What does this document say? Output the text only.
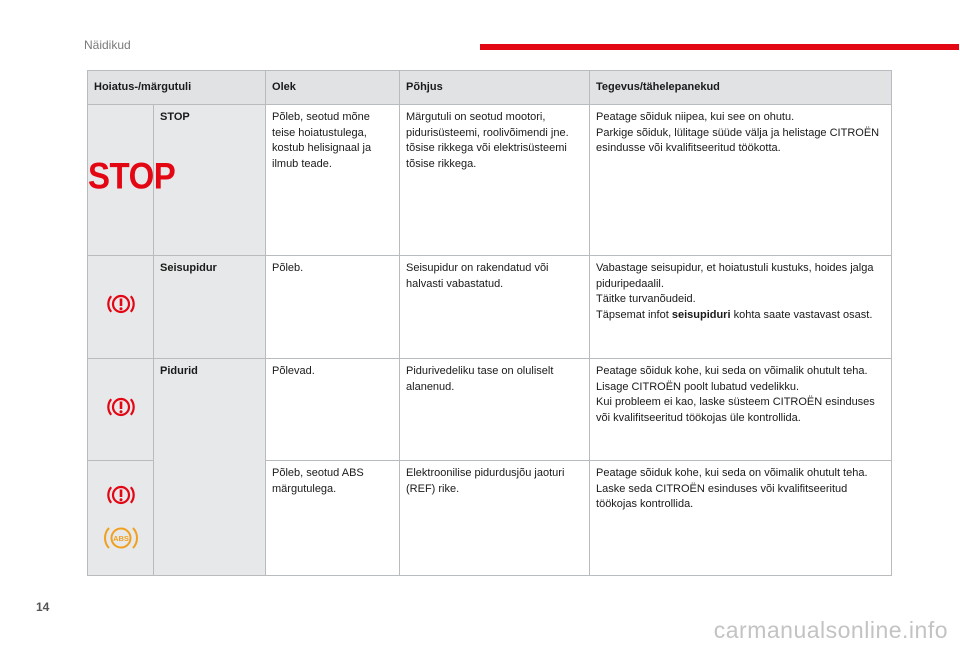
Näidikud
Hoiatus-/märgutuli		Olek	Põhjus	Tegevus/tähelepanekud
STOP	STOP	Põleb, seotud mõne teise hoiatustulega, kostub helisignaal ja ilmub teade.	Märgutuli on seotud mootori, pidurisüsteemi, roolivõimendi jne. tõsise rikkega või elektrisüsteemi tõsise rikkega.	Peatage sõiduk niipea, kui see on ohutu.
Parkige sõiduk, lülitage süüde välja ja helistage CITROËN esindusse või kvalifitseeritud töökotta.

	Seisupidur	Põleb.	Seisupidur on rakendatud või halvasti vabastatud.	Vabastage seisupidur, et hoiatustuli kustuks, hoides jalga piduripedaalil.
Täitke turvanõudeid.
Täpsemat infot seisupiduri kohta saate vastavast osast.

	Pidurid	Põlevad.	Pidurivedeliku tase on oluliselt alanenud.	Peatage sõiduk kohe, kui seda on võimalik ohutult teha.
Lisage CITROËN poolt lubatud vedelikku.
Kui probleem ei kao, laske süsteem CITROËN esinduses või kvalifitseeritud töökojas üle kontrollida.

ABS		Põleb, seotud ABS märgutulega.	Elektroonilise pidurdusjõu jaoturi (REF) rike.	Peatage sõiduk kohe, kui seda on võimalik ohutult teha.
Laske seda CITROËN esinduses või kvalifitseeritud töökojas kontrollida.
14
carmanualsonline.info
